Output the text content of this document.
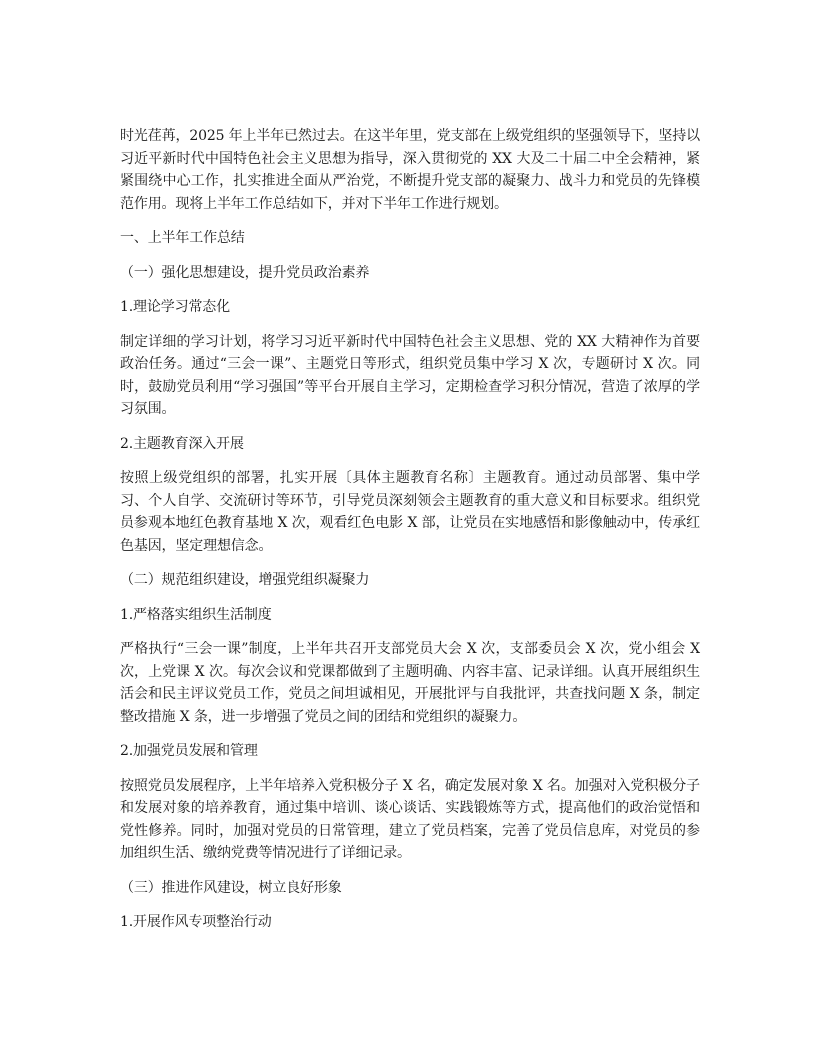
时光荏苒，2025 年上半年已然过去。在这半年里，党支部在上级党组织的坚强领导下，坚持以习近平新时代中国特色社会主义思想为指导，深入贯彻党的 XX 大及二十届二中全会精神，紧紧围绕中心工作，扎实推进全面从严治党，不断提升党支部的凝聚力、战斗力和党员的先锋模范作用。现将上半年工作总结如下，并对下半年工作进行规划。

一、上半年工作总结

（一）强化思想建设，提升党员政治素养

1.理论学习常态化

制定详细的学习计划，将学习习近平新时代中国特色社会主义思想、党的 XX 大精神作为首要政治任务。通过“三会一课”、主题党日等形式，组织党员集中学习 X 次，专题研讨 X 次。同时，鼓励党员利用“学习强国”等平台开展自主学习，定期检查学习积分情况，营造了浓厚的学习氛围。

2.主题教育深入开展

按照上级党组织的部署，扎实开展〔具体主题教育名称〕主题教育。通过动员部署、集中学习、个人自学、交流研讨等环节，引导党员深刻领会主题教育的重大意义和目标要求。组织党员参观本地红色教育基地 X 次，观看红色电影 X 部，让党员在实地感悟和影像触动中，传承红色基因，坚定理想信念。

（二）规范组织建设，增强党组织凝聚力

1.严格落实组织生活制度

严格执行“三会一课”制度，上半年共召开支部党员大会 X 次，支部委员会 X 次，党小组会 X 次，上党课 X 次。每次会议和党课都做到了主题明确、内容丰富、记录详细。认真开展组织生活会和民主评议党员工作，党员之间坦诚相见，开展批评与自我批评，共查找问题 X 条，制定整改措施 X 条，进一步增强了党员之间的团结和党组织的凝聚力。

2.加强党员发展和管理

按照党员发展程序，上半年培养入党积极分子 X 名，确定发展对象 X 名。加强对入党积极分子和发展对象的培养教育，通过集中培训、谈心谈话、实践锻炼等方式，提高他们的政治觉悟和党性修养。同时，加强对党员的日常管理，建立了党员档案，完善了党员信息库，对党员的参加组织生活、缴纳党费等情况进行了详细记录。

（三）推进作风建设，树立良好形象

1.开展作风专项整治行动
